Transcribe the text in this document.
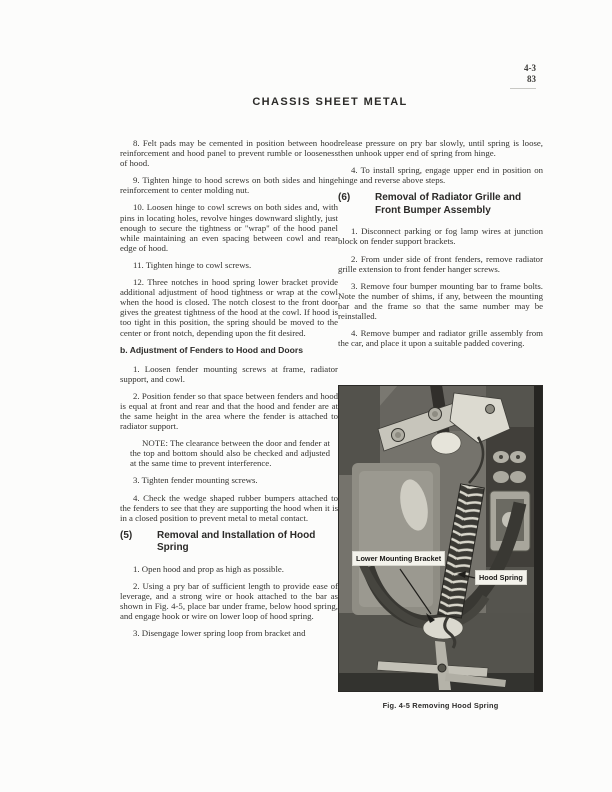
4-3
83
CHASSIS SHEET METAL
8. Felt pads may be cemented in position between hood reinforcement and hood panel to prevent rumble or looseness of hood.
9. Tighten hinge to hood screws on both sides and hinge reinforcement to center molding nut.
10. Loosen hinge to cowl screws on both sides and, with pins in locating holes, revolve hinges downward slightly, just enough to secure the tightness or "wrap" of the hood panel while maintaining an even spacing between cowl and rear edge of hood.
11. Tighten hinge to cowl screws.
12. Three notches in hood spring lower bracket provide additional adjustment of hood tightness or wrap at the cowl when the hood is closed. The notch closest to the front door gives the greatest tightness of the hood at the cowl. If hood is too tight in this position, the spring should be moved to the center or front notch, depending upon the fit desired.
b. Adjustment of Fenders to Hood and Doors
1. Loosen fender mounting screws at frame, radiator support, and cowl.
2. Position fender so that space between fenders and hood is equal at front and rear and that the hood and fender are at the same height in the area where the fender is attached to radiator support.
NOTE: The clearance between the door and fender at the top and bottom should also be checked and adjusted at the same time to prevent interference.
3. Tighten fender mounting screws.
4. Check the wedge shaped rubber bumpers attached to the fenders to see that they are supporting the hood when it is in a closed position to prevent metal to metal contact.
(5)	Removal and Installation of Hood Spring
1. Open hood and prop as high as possible.
2. Using a pry bar of sufficient length to provide ease of leverage, and a strong wire or hook attached to the bar as shown in Fig. 4-5, place bar under frame, below hood spring, and engage hook or wire on lower loop of hood spring.
3. Disengage lower spring loop from bracket and
release pressure on pry bar slowly, until spring is loose, then unhook upper end of spring from hinge.
4. To install spring, engage upper end in position on hinge and reverse above steps.
(6)	Removal of Radiator Grille and Front Bumper Assembly
1. Disconnect parking or fog lamp wires at junction block on fender support brackets.
2. From under side of front fenders, remove radiator grille extension to front fender hanger screws.
3. Remove four bumper mounting bar to frame bolts. Note the number of shims, if any, between the mounting bar and the frame so that the same number may be reinstalled.
4. Remove bumper and radiator grille assembly from the car, and place it upon a suitable padded covering.
Lower Mounting Bracket
Hood Spring
Fig. 4-5 Removing Hood Spring
